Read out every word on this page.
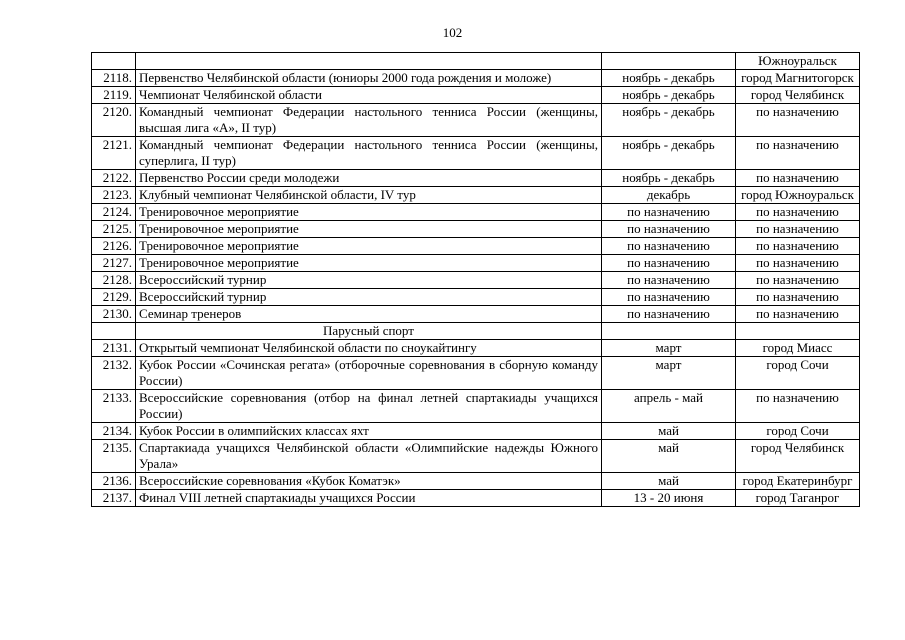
102
			Южноуральск
2118.	Первенство Челябинской области (юниоры 2000 года рождения и моложе)	ноябрь - декабрь	город Магнитогорск
2119.	Чемпионат Челябинской области	ноябрь - декабрь	город Челябинск
2120.	Командный чемпионат Федерации настольного тенниса России (женщины, высшая лига «А», II тур)	ноябрь - декабрь	по назначению
2121.	Командный чемпионат Федерации настольного тенниса России (женщины, суперлига, II тур)	ноябрь - декабрь	по назначению
2122.	Первенство России среди молодежи	ноябрь - декабрь	по назначению
2123.	Клубный чемпионат Челябинской области, IV тур	декабрь	город Южноуральск
2124.	Тренировочное мероприятие	по назначению	по назначению
2125.	Тренировочное мероприятие	по назначению	по назначению
2126.	Тренировочное мероприятие	по назначению	по назначению
2127.	Тренировочное мероприятие	по назначению	по назначению
2128.	Всероссийский турнир	по назначению	по назначению
2129.	Всероссийский турнир	по назначению	по назначению
2130.	Семинар тренеров	по назначению	по назначению
	Парусный спорт		
2131.	Открытый чемпионат Челябинской области по сноукайтингу	март	город Миасс
2132.	Кубок России «Сочинская регата» (отборочные соревнования в сборную команду России)	март	город Сочи
2133.	Всероссийские соревнования (отбор на финал летней спартакиады учащихся России)	апрель - май	по назначению
2134.	Кубок России в олимпийских классах яхт	май	город Сочи
2135.	Спартакиада учащихся Челябинской области «Олимпийские надежды Южного Урала»	май	город Челябинск
2136.	Всероссийские соревнования «Кубок Коматэк»	май	город Екатеринбург
2137.	Финал VIII летней спартакиады учащихся России	13 - 20 июня	город Таганрог
